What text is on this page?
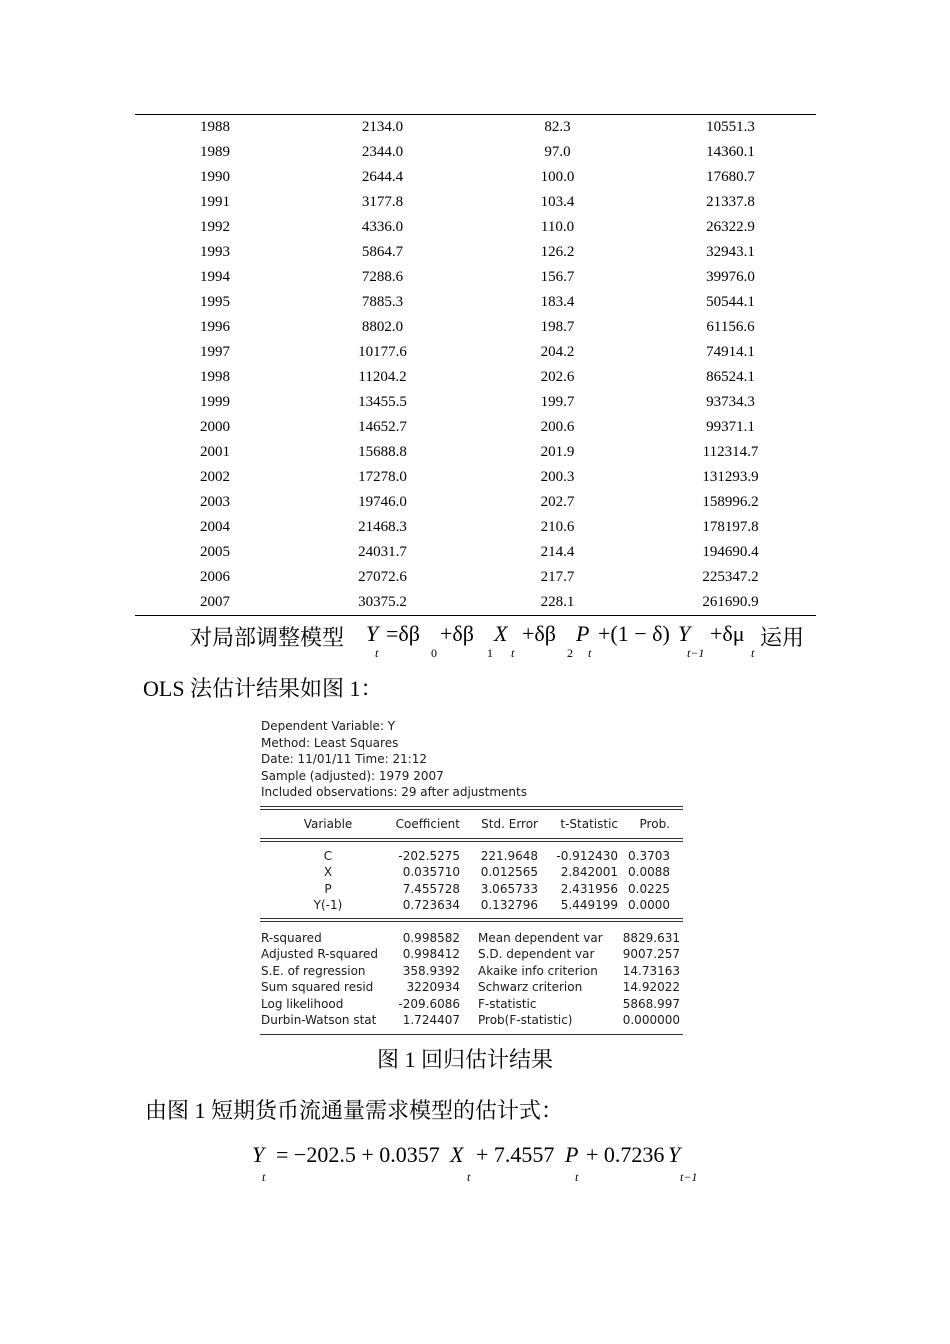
1988	2134.0	82.3	10551.3
1989	2344.0	97.0	14360.1
1990	2644.4	100.0	17680.7
1991	3177.8	103.4	21337.8
1992	4336.0	110.0	26322.9
1993	5864.7	126.2	32943.1
1994	7288.6	156.7	39976.0
1995	7885.3	183.4	50544.1
1996	8802.0	198.7	61156.6
1997	10177.6	204.2	74914.1
1998	11204.2	202.6	86524.1
1999	13455.5	199.7	93734.3
2000	14652.7	200.6	99371.1
2001	15688.8	201.9	112314.7
2002	17278.0	200.3	131293.9
2003	19746.0	202.7	158996.2
2004	21468.3	210.6	178197.8
2005	24031.7	214.4	194690.4
2006	27072.6	217.7	225347.2
2007	30375.2	228.1	261690.9
对局部调整模型 Y =δβ +δβ X +δβ P +(1 − δ) Y +δμ 运用
t	0	1 t	2 t	t−1	t
OLS 法估计结果如图 1：
Dependent Variable: Y
Method: Least Squares
Date: 11/01/11 Time: 21:12
Sample (adjusted): 1979 2007
Included observations: 29 after adjustments
Variable	Coefficient	Std. Error	t-Statistic	Prob.
C	-202.5275	221.9648	-0.912430 0.3703
X	0.035710	0.012565	2.842001 0.0088
P	7.455728	3.065733	2.431956 0.0225
Y(-1)	0.723634	0.132796	5.449199 0.0000
R-squared	0.998582 Mean dependent var	8829.631
Adjusted R-squared	0.998412 S.D. dependent var	9007.257
S.E. of regression	358.9392 Akaike info criterion	14.73163
Sum squared resid	3220934 Schwarz criterion	14.92022
Log likelihood	-209.6086 F-statistic	5868.997
Durbin-Watson stat	1.724407 Prob(F-statistic)	0.000000
图 1 回归估计结果
由图 1 短期货币流通量需求模型的估计式：
Y = −202.5 + 0.0357 X + 7.4557 P + 0.7236 Y
t	t	t	t−1
